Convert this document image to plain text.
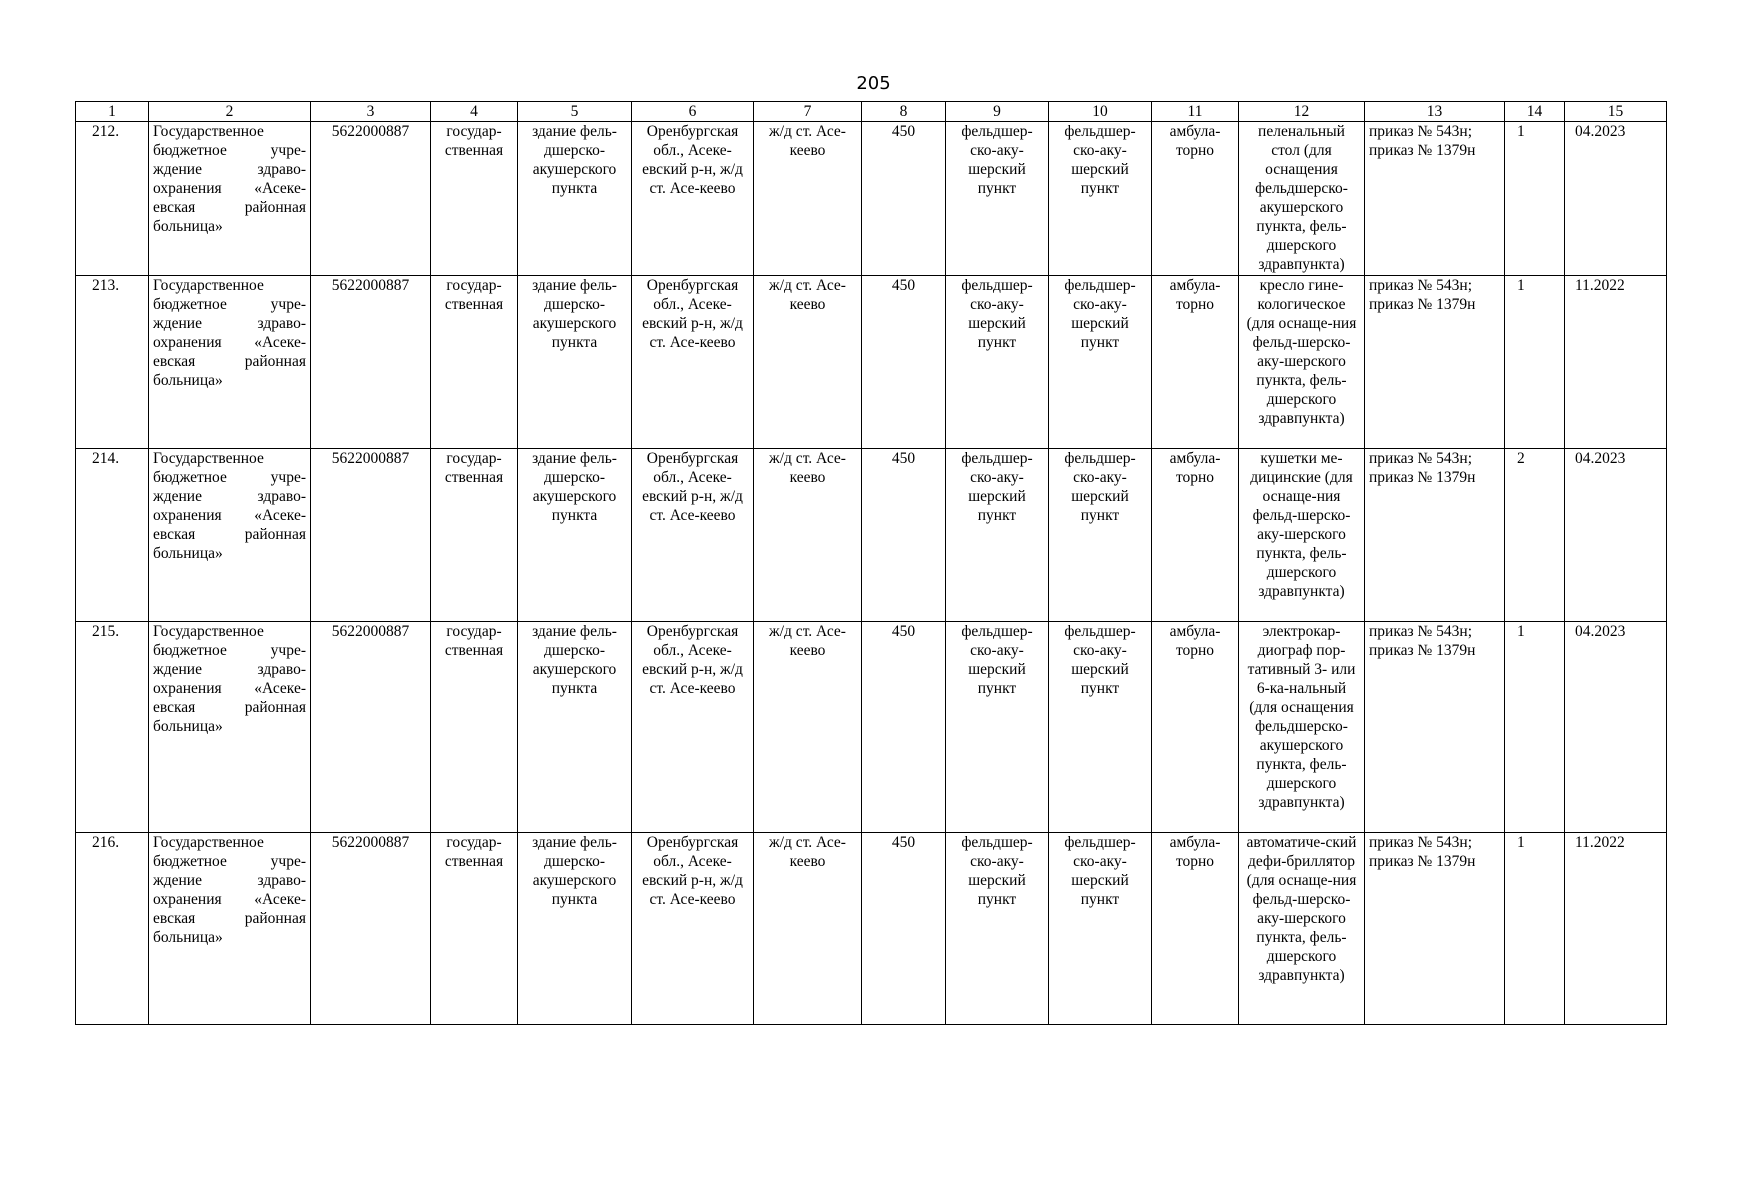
205
1	2	3	4	5	6	7	8	9	10	11	12	13	14	15
212.	Государственное бюджетное учре-ждение здраво-охранения «Асеке-евская районная больница»	5622000887	государ-ственная	здание фель-дшерско-акушерского пункта	Оренбургская обл., Асеке-евский р-н, ж/д ст. Асе-кеево	ж/д ст. Асе-кеево	450	фельдшер-ско-аку-шерский пункт	фельдшер-ско-аку-шерский пункт	амбула-торно	пеленальный стол (для оснащения фельдшерско-акушерского пункта, фель-дшерского здравпункта)	приказ № 543н; приказ № 1379н	1	04.2023
213.	Государственное бюджетное учре-ждение здраво-охранения «Асеке-евская районная больница»	5622000887	государ-ственная	здание фель-дшерско-акушерского пункта	Оренбургская обл., Асеке-евский р-н, ж/д ст. Асе-кеево	ж/д ст. Асе-кеево	450	фельдшер-ско-аку-шерский пункт	фельдшер-ско-аку-шерский пункт	амбула-торно	кресло гине-кологическое (для оснаще-ния фельд-шерско-аку-шерского пункта, фель-дшерского здравпункта)	приказ № 543н; приказ № 1379н	1	11.2022
214.	Государственное бюджетное учре-ждение здраво-охранения «Асеке-евская районная больница»	5622000887	государ-ственная	здание фель-дшерско-акушерского пункта	Оренбургская обл., Асеке-евский р-н, ж/д ст. Асе-кеево	ж/д ст. Асе-кеево	450	фельдшер-ско-аку-шерский пункт	фельдшер-ско-аку-шерский пункт	амбула-торно	кушетки ме-дицинские (для оснаще-ния фельд-шерско-аку-шерского пункта, фель-дшерского здравпункта)	приказ № 543н; приказ № 1379н	2	04.2023
215.	Государственное бюджетное учре-ждение здраво-охранения «Асеке-евская районная больница»	5622000887	государ-ственная	здание фель-дшерско-акушерского пункта	Оренбургская обл., Асеке-евский р-н, ж/д ст. Асе-кеево	ж/д ст. Асе-кеево	450	фельдшер-ско-аку-шерский пункт	фельдшер-ско-аку-шерский пункт	амбула-торно	электрокар-диограф пор-тативный 3- или 6-ка-нальный (для оснащения фельдшерско-акушерского пункта, фель-дшерского здравпункта)	приказ № 543н; приказ № 1379н	1	04.2023
216.	Государственное бюджетное учре-ждение здраво-охранения «Асеке-евская районная больница»	5622000887	государ-ственная	здание фель-дшерско-акушерского пункта	Оренбургская обл., Асеке-евский р-н, ж/д ст. Асе-кеево	ж/д ст. Асе-кеево	450	фельдшер-ско-аку-шерский пункт	фельдшер-ско-аку-шерский пункт	амбула-торно	автоматиче-ский дефи-бриллятор (для оснаще-ния фельд-шерско-аку-шерского пункта, фель-дшерского здравпункта)	приказ № 543н; приказ № 1379н	1	11.2022
